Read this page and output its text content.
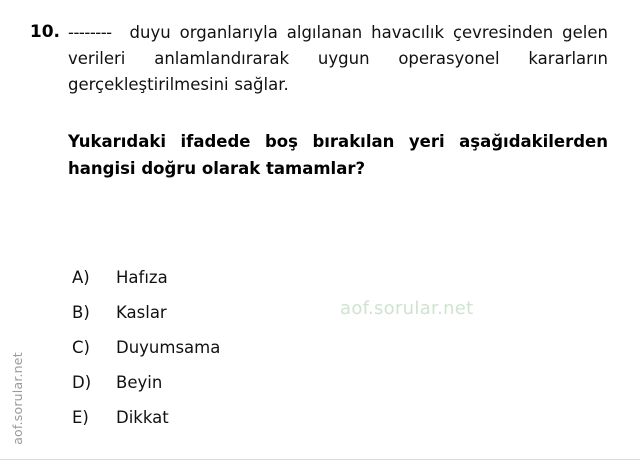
aof.sorular.net
10. -------- duyu organlarıyla algılanan havacılık çevresinden gelen verileri anlamlandırarak uygun operasyonel kararların gerçekleştirilmesini sağlar.
Yukarıdaki ifadede boş bırakılan yeri aşağıdakilerden hangisi doğru olarak tamamlar?
A)	Hafıza
B)	Kaslar
C)	Duyumsama
D)	Beyin
E)	Dikkat
aof.sorular.net
